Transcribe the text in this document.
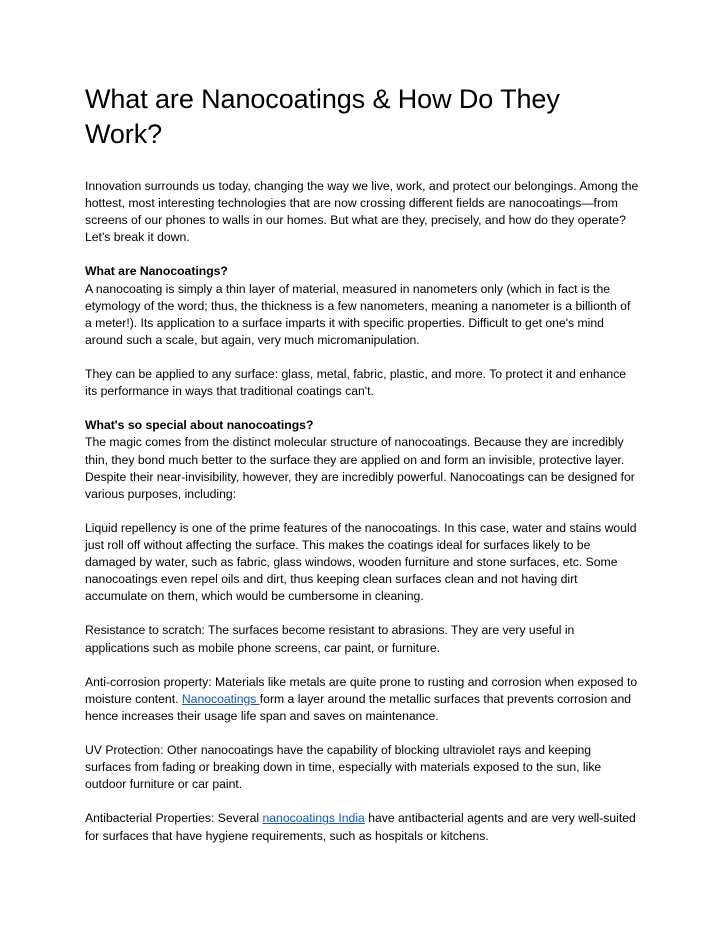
What are Nanocoatings & How Do They Work?

Innovation surrounds us today, changing the way we live, work, and protect our belongings. Among the hottest, most interesting technologies that are now crossing different fields are nanocoatings—from screens of our phones to walls in our homes. But what are they, precisely, and how do they operate? Let's break it down.

What are Nanocoatings?
A nanocoating is simply a thin layer of material, measured in nanometers only (which in fact is the etymology of the word; thus, the thickness is a few nanometers, meaning a nanometer is a billionth of a meter!). Its application to a surface imparts it with specific properties. Difficult to get one's mind around such a scale, but again, very much micromanipulation.

They can be applied to any surface: glass, metal, fabric, plastic, and more. To protect it and enhance its performance in ways that traditional coatings can't.

What's so special about nanocoatings?
The magic comes from the distinct molecular structure of nanocoatings. Because they are incredibly thin, they bond much better to the surface they are applied on and form an invisible, protective layer. Despite their near-invisibility, however, they are incredibly powerful. Nanocoatings can be designed for various purposes, including:

Liquid repellency is one of the prime features of the nanocoatings. In this case, water and stains would just roll off without affecting the surface. This makes the coatings ideal for surfaces likely to be damaged by water, such as fabric, glass windows, wooden furniture and stone surfaces, etc. Some nanocoatings even repel oils and dirt, thus keeping clean surfaces clean and not having dirt accumulate on them, which would be cumbersome in cleaning.

Resistance to scratch: The surfaces become resistant to abrasions. They are very useful in applications such as mobile phone screens, car paint, or furniture.

Anti-corrosion property: Materials like metals are quite prone to rusting and corrosion when exposed to moisture content. Nanocoatings form a layer around the metallic surfaces that prevents corrosion and hence increases their usage life span and saves on maintenance.

UV Protection: Other nanocoatings have the capability of blocking ultraviolet rays and keeping surfaces from fading or breaking down in time, especially with materials exposed to the sun, like outdoor furniture or car paint.

Antibacterial Properties: Several nanocoatings India have antibacterial agents and are very well-suited for surfaces that have hygiene requirements, such as hospitals or kitchens.
